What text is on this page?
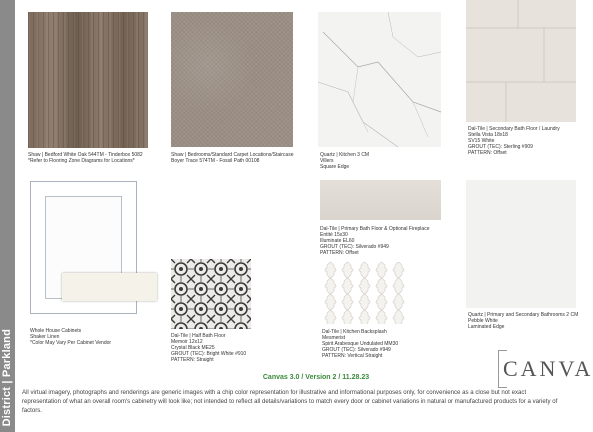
District | Parkland
Shaw | Bedford White Oak 544TM - Tinderbox 5082
*Refer to Flooring Zone Diagrams for Locations*
Shaw | Bedrooms/Standard Carpet Locations/Staircase
Boyer Trace 574TM - Fossil Path 00108
Quartz | Kitchen 3 CM
Villers
Square Edge
Dal-Tile | Secondary Bath Floor / Laundry
Stella Vista 18x18
SV15 White
GROUT (TEC): Sterling #909
PATTERN: Offset
Whole House Cabinets
Shaker Linen
*Color May Vary Per Cabinet Vendor
Dal-Tile | Half Bath Floor
Memoir 12x12
Crystal Black ME25
GROUT (TEC): Bright White #910
PATTERN: Straight
Dal-Tile | Primary Bath Floor & Optional Fireplace
Entité 15x30
Illuminate EL60
GROUT (TEC): Silverado #949
PATTERN: Offset
Dal-Tile | Kitchen Backsplash
Mesmerist
Spirit Arabesque Undulated MM30
GROUT (TEC): Silverado #949
PATTERN: Vertical Straight
Quartz | Primary and Secondary Bathrooms 2 CM
Pebble White
Laminated Edge
CANVA
Canvas 3.0 / Version 2 / 11.28.23
All virtual imagery, photographs and renderings are generic images with a chip color representation for illustrative and informational purposes only, for convenience as a close but not exact representation of what an overall room's cabinetry will look like; not intended to reflect all details/variations to match every door or cabinet variations in natural or manufactured products for a variety of factors.
